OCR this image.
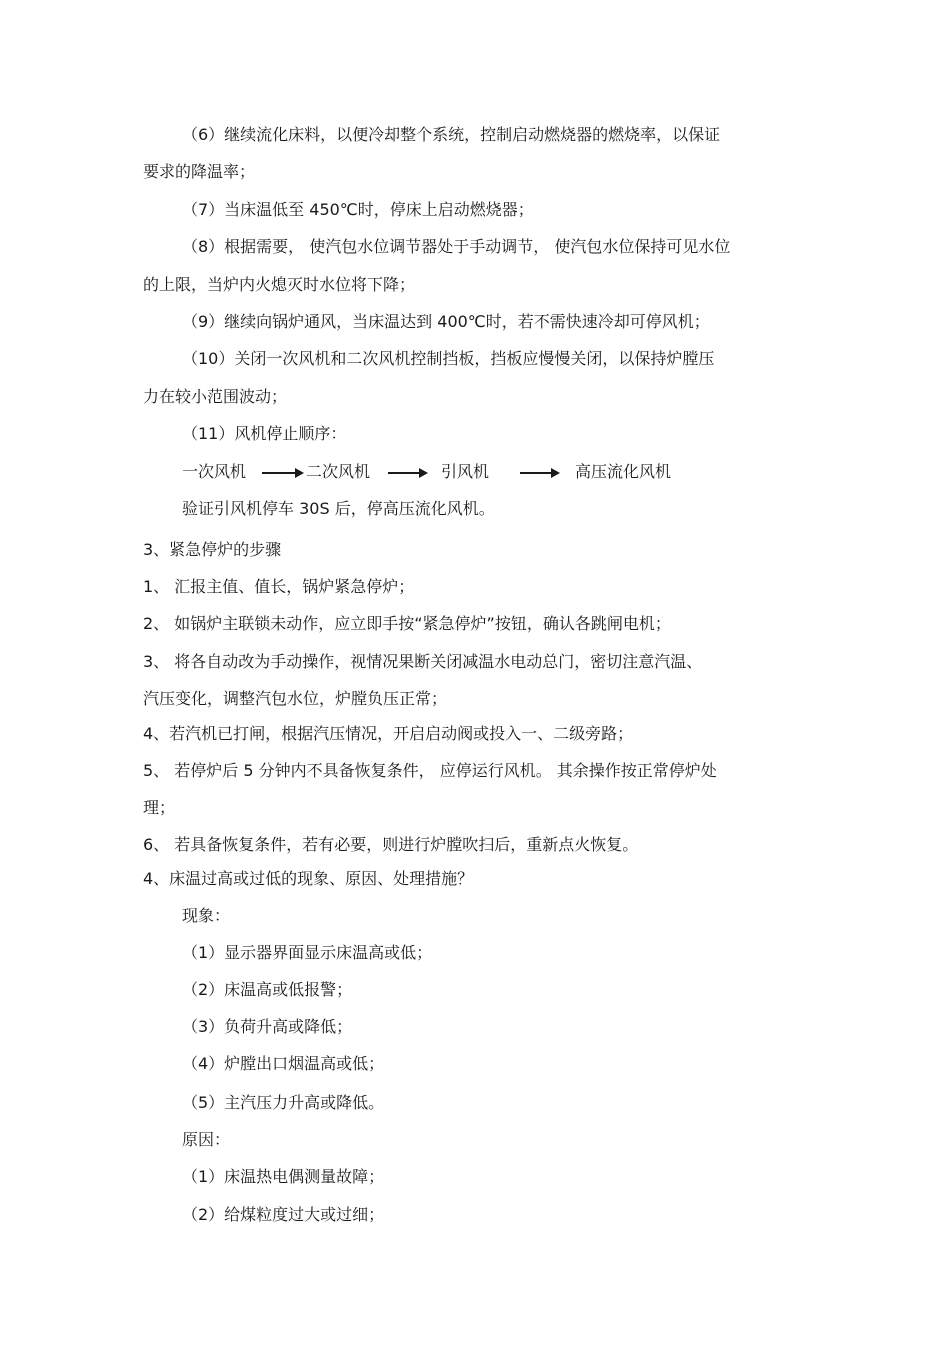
（6）继续流化床料，以便冷却整个系统，控制启动燃烧器的燃烧率，以保证
要求的降温率；
（7）当床温低至 450℃时，停床上启动燃烧器；
（8）根据需要， 使汽包水位调节器处于手动调节， 使汽包水位保持可见水位
的上限，当炉内火熄灭时水位将下降；
（9）继续向锅炉通风，当床温达到 400℃时，若不需快速冷却可停风机；
（10）关闭一次风机和二次风机控制挡板，挡板应慢慢关闭，以保持炉膛压
力在较小范围波动；
（11）风机停止顺序：
一次风机	二次风机	引风机	高压流化风机
验证引风机停车 30S 后，停高压流化风机。
3、紧急停炉的步骤
1、 汇报主值、值长，锅炉紧急停炉；
2、 如锅炉主联锁未动作，应立即手按“紧急停炉”按钮，确认各跳闸电机；
3、 将各自动改为手动操作，视情况果断关闭减温水电动总门，密切注意汽温、
汽压变化，调整汽包水位，炉膛负压正常；
4、若汽机已打闸，根据汽压情况，开启启动阀或投入一、二级旁路；
5、 若停炉后 5 分钟内不具备恢复条件， 应停运行风机。 其余操作按正常停炉处
理；
6、 若具备恢复条件，若有必要，则进行炉膛吹扫后，重新点火恢复。
4、床温过高或过低的现象、原因、处理措施？
现象：
（1）显示器界面显示床温高或低；
（2）床温高或低报警；
（3）负荷升高或降低；
（4）炉膛出口烟温高或低；
（5）主汽压力升高或降低。
原因：
（1）床温热电偶测量故障；
（2）给煤粒度过大或过细；
